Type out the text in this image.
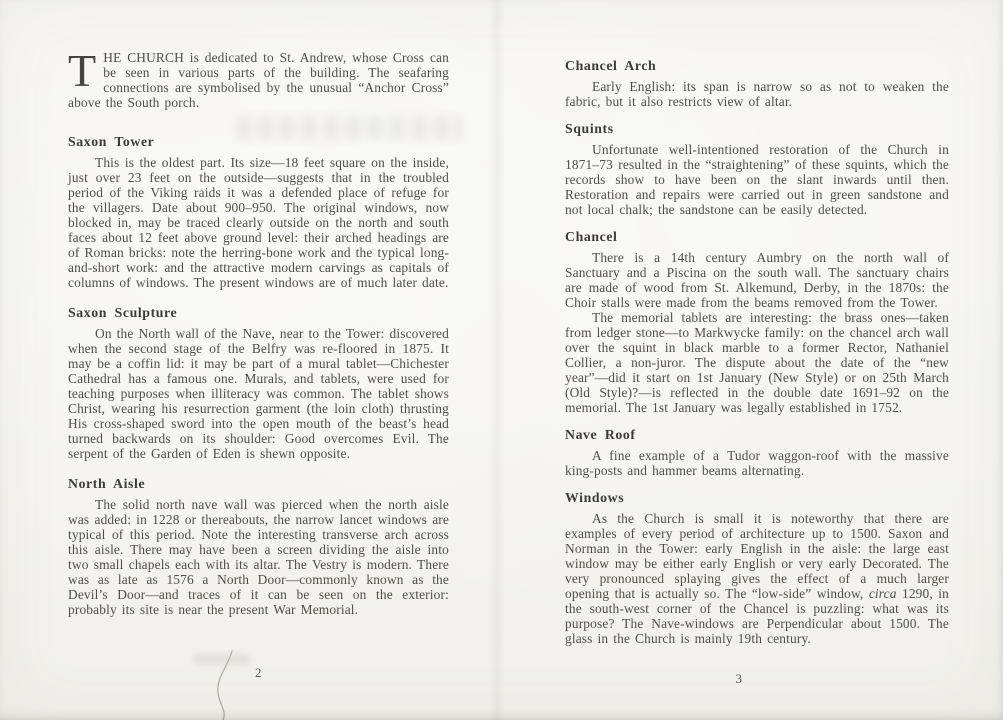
THE CHURCH is dedicated to St. Andrew, whose Cross can be seen in various parts of the building. The seafaring connections are symbolised by the unusual “Anchor Cross” above the South porch.

Saxon Tower

This is the oldest part. Its size—18 feet square on the inside, just over 23 feet on the outside—suggests that in the troubled period of the Viking raids it was a defended place of refuge for the villagers. Date about 900–950. The original windows, now blocked in, may be traced clearly outside on the north and south faces about 12 feet above ground level: their arched headings are of Roman bricks: note the herring-bone work and the typical long-and-short work: and the attractive modern carvings as capitals of columns of windows. The present windows are of much later date.

Saxon Sculpture

On the North wall of the Nave, near to the Tower: discovered when the second stage of the Belfry was re-floored in 1875. It may be a coffin lid: it may be part of a mural tablet—Chichester Cathedral has a famous one. Murals, and tablets, were used for teaching purposes when illiteracy was common. The tablet shows Christ, wearing his resurrection garment (the loin cloth) thrusting His cross-shaped sword into the open mouth of the beast’s head turned backwards on its shoulder: Good overcomes Evil. The serpent of the Garden of Eden is shewn opposite.

North Aisle

The solid north nave wall was pierced when the north aisle was added: in 1228 or thereabouts, the narrow lancet windows are typical of this period. Note the interesting transverse arch across this aisle. There may have been a screen dividing the aisle into two small chapels each with its altar. The Vestry is modern. There was as late as 1576 a North Door—commonly known as the Devil’s Door—and traces of it can be seen on the exterior: probably its site is near the present War Memorial.

Chancel Arch

Early English: its span is narrow so as not to weaken the fabric, but it also restricts view of altar.

Squints

Unfortunate well-intentioned restoration of the Church in 1871–73 resulted in the “straightening” of these squints, which the records show to have been on the slant inwards until then. Restoration and repairs were carried out in green sandstone and not local chalk; the sandstone can be easily detected.

Chancel

There is a 14th century Aumbry on the north wall of Sanctuary and a Piscina on the south wall. The sanctuary chairs are made of wood from St. Alkemund, Derby, in the 1870s: the Choir stalls were made from the beams removed from the Tower.

The memorial tablets are interesting: the brass ones—taken from ledger stone—to Markwycke family: on the chancel arch wall over the squint in black marble to a former Rector, Nathaniel Collier, a non-juror. The dispute about the date of the “new year”—did it start on 1st January (New Style) or on 25th March (Old Style)?—is reflected in the double date 1691–92 on the memorial. The 1st January was legally established in 1752.

Nave Roof

A fine example of a Tudor waggon-roof with the massive king-posts and hammer beams alternating.

Windows

As the Church is small it is noteworthy that there are examples of every period of architecture up to 1500. Saxon and Norman in the Tower: early English in the aisle: the large east window may be either early English or very early Decorated. The very pronounced splaying gives the effect of a much larger opening that is actually so. The “low-side” window, circa 1290, in the south-west corner of the Chancel is puzzling: what was its purpose? The Nave-windows are Perpendicular about 1500. The glass in the Church is mainly 19th century.

2	3
